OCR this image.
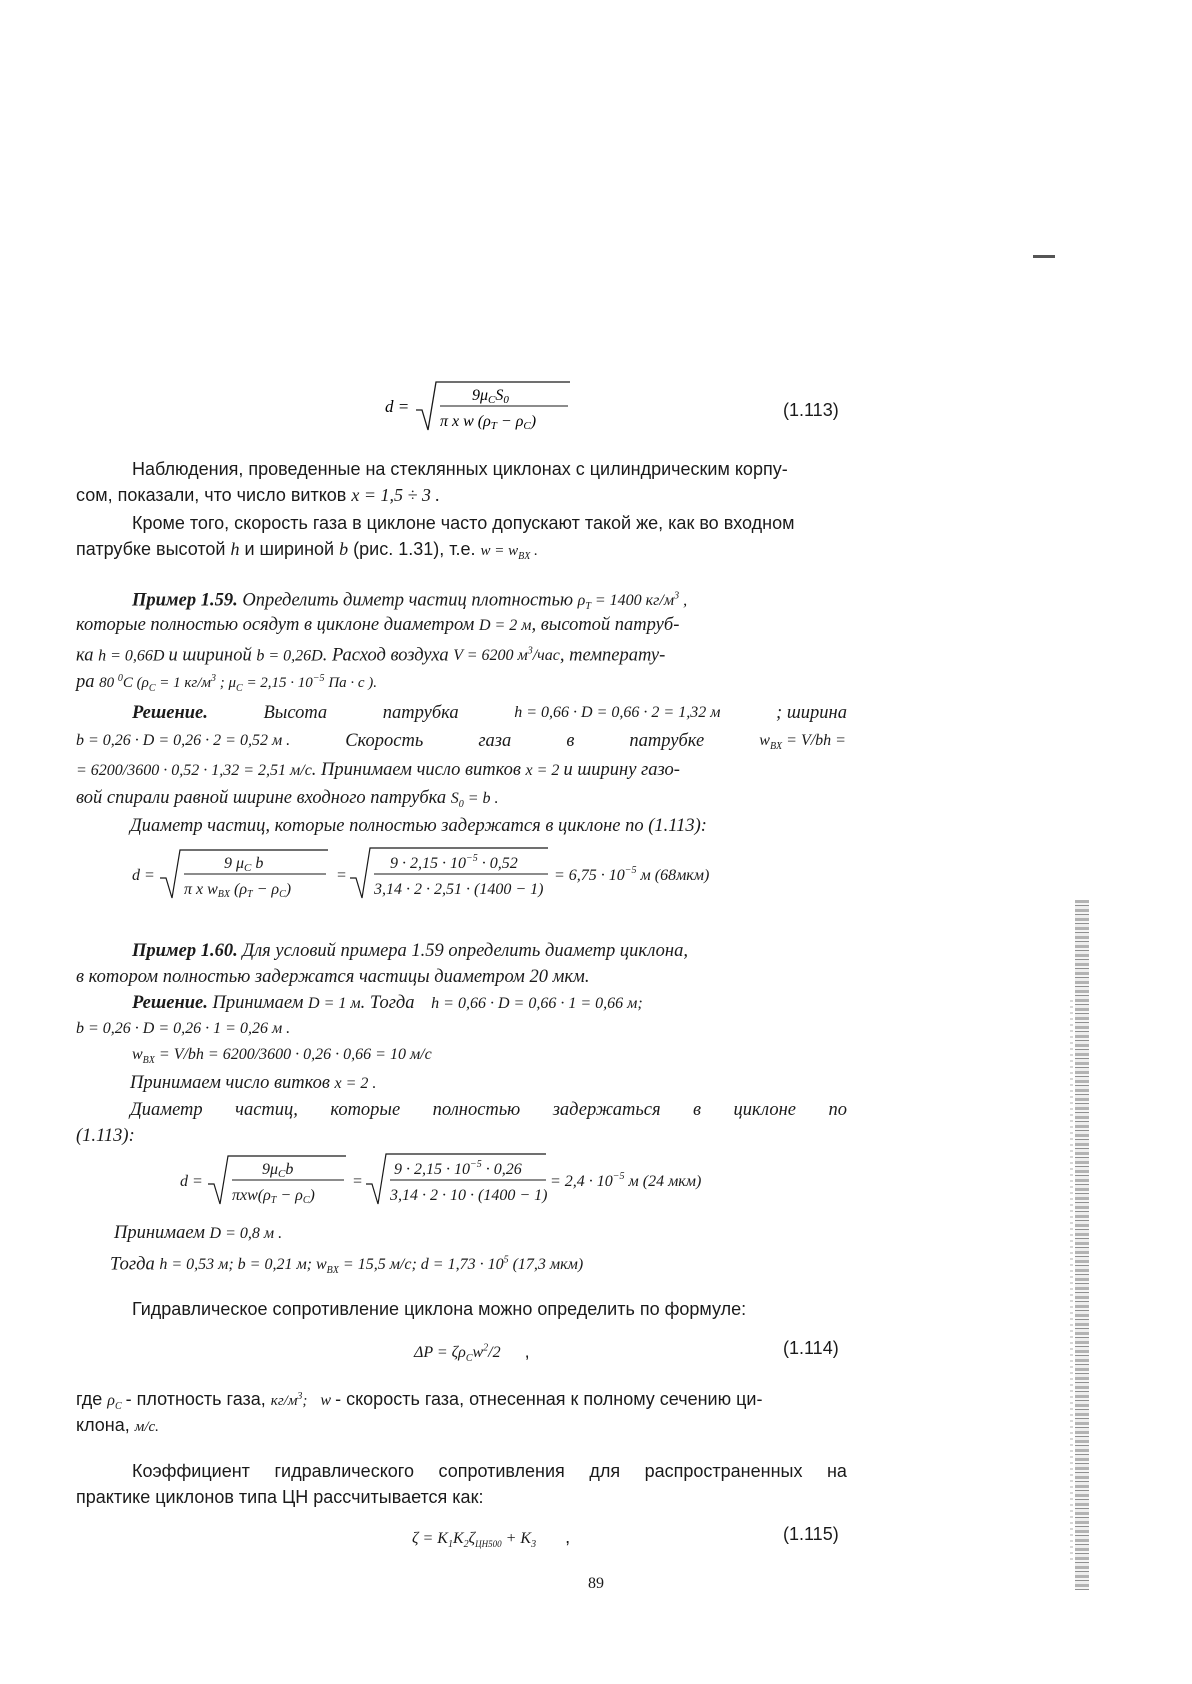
d =
9μCS0
π x w (ρT − ρC)
(1.113)
Наблюдения, проведенные на стеклянных циклонах с цилиндрическим корпу-
сом, показали, что число витков x = 1,5 ÷ 3 .
Кроме того, скорость газа в циклоне часто допускают такой же, как во входном
патрубке высотой h и шириной b (рис. 1.31), т.е. $w = w_{BX}$ .
Пример 1.59. Определить диметр частиц плотностью $\rho_T = 1400$ $кг/м^3$ ,
которые полностью осядут в циклоне диаметром D = 2 м, высотой патруб-
ка h = 0,66D и шириной b = 0,26D. Расход воздуха V = 6200 $м^3$/час, температу-
ра 80 $^0$C ($\rho_C = 1$ $кг/м^3$ ; $\mu_C = 2,15 \cdot 10^{-5}$ Па · с ).
Решение.	Высота	патрубка	h = 0,66 · D = 0,66 · 2 = 1,32 м	; ширина
b = 0,26 · D = 0,26 · 2 = 0,52 м .	Скорость	газа	в	патрубке	$w_{BX} = V/bh$ =
= 6200/3600 · 0,52 · 1,32 = 2,51 м/с. Принимаем число витков x = 2 и ширину газо-
вой спирали равной ширине входного патрубка $S_0 = b$ .
Диаметр частиц, которые полностью задержатся в циклоне по (1.113):
d =
9 μC b
π x wBX (ρT − ρC)
=
$9 \cdot 2,15 \cdot 10^{-5} \cdot 0,52$
3,14 · 2 · 2,51 · (1400 − 1)
= $6,75 \cdot 10^{-5}$ м (68мкм)
Пример 1.60. Для условий примера 1.59 определить диаметр циклона,
в котором полностью задержатся частицы диаметром 20 мкм.
Решение. Принимаем D = 1 м. Тогда    h = 0,66 · D = 0,66 · 1 = 0,66 м;
b = 0,26 · D = 0,26 · 1 = 0,26 м .
$w_{BX} = V/bh = 6200/3600 \cdot 0,26 \cdot 0,66 = 10$ м/с
Принимаем число витков x = 2 .
Диаметр частиц, которые полностью задержаться в циклоне по
(1.113):
d =
9μCb
πxw(ρT − ρC)
=
$9 \cdot 2,15 \cdot 10^{-5} \cdot 0,26$
3,14 · 2 · 10 · (1400 − 1)
= $2,4 \cdot 10^{-5}$ м (24 мкм)
Принимаем D = 0,8 м .
Тогда h = 0,53 м; b = 0,21 м; $w_{BX} = 15,5$ м/с; $d = 1,73 \cdot 10^5$ (17,3 мкм)
Гидравлическое сопротивление циклона можно определить по формуле:
$\Delta P = \zeta\rho_Cw^2/2$     ,	(1.114)
где $\rho_C$ - плотность газа, $кг/м^3$;   w - скорость газа, отнесенная к полному сечению ци-
клона, м/с.
Коэффициент гидравлического сопротивления для распространенных на
практике циклонов типа ЦН рассчитывается как:
$\zeta = K_1K_2\zeta_{ЦН500} + K_3$      ,	(1.115)
89
